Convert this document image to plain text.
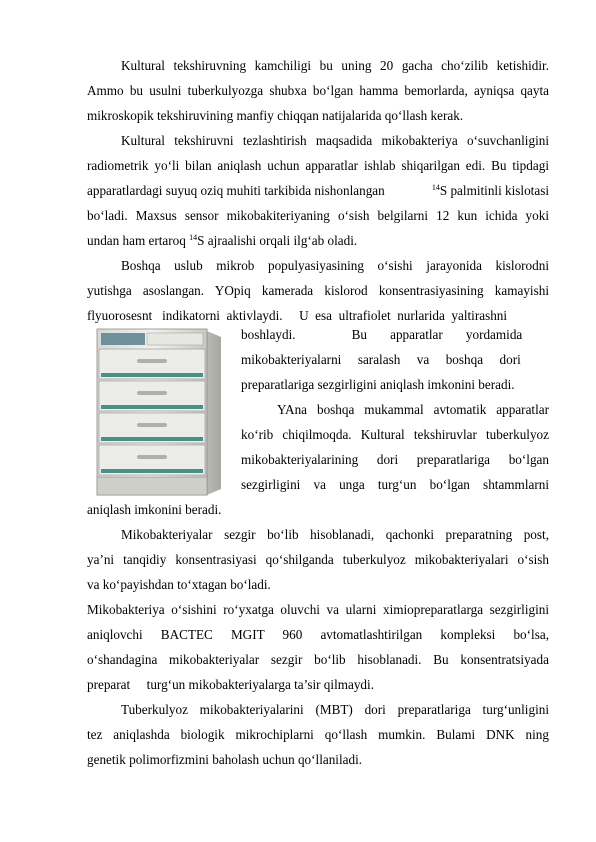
Kultural tekshiruvning kamchiligi bu uning 20 gacha cho‘zilib ketishidir.
Ammo bu usulni tuberkulyozga shubxa bo‘lgan hamma bemorlarda, ayniqsa qayta
mikroskopik tekshiruvining manfiy chiqqan natijalarida qo‘llash kerak.
Kultural tekshiruvni tezlashtirish maqsadida mikobakteriya o‘suvchanligini
radiometrik yo‘li bilan aniqlash uchun apparatlar ishlab shiqarilgan edi. Bu tipdagi
apparatlardagi suyuq oziq muhiti tarkibida nishonlangan	$^{14}$S palmitinli kislotasi
bo‘ladi. Maxsus sensor mikobakiteriyaning o‘sish belgilarni 12 kun ichida yoki
undan ham ertaroq $^{14}$S ajraalishi orqali ilg‘ab oladi.
Boshqa uslub mikrob populyasiyasining o‘sishi jarayonida kislorodni
yutishga asoslangan. YOpiq kamerada kislorod konsentrasiyasining kamayishi
flyuorosesnt   indikatorni  aktivlaydi.     U  esa  ultrafiolet  nurlarida  yaltirashni
boshlaydi.                 Bu       apparatlar       yordamida
mikobakteriyalarni     saralash     va     boshqa     dori
preparatlariga sezgirligini aniqlash imkonini beradi.
YAna boshqa mukammal avtomatik apparatlar
ko‘rib chiqilmoqda. Kultural tekshiruvlar tuberkulyoz
mikobakteriyalarining dori preparatlariga bo‘lgan
sezgirligini va unga turg‘un bo‘lgan shtammlarni
aniqlash imkonini beradi.
Mikobakteriyalar sezgir bo‘lib hisoblanadi, qachonki preparatning post,
ya’ni tanqidiy konsentrasiyasi qo‘shilganda tuberkulyoz mikobakteriyalari o‘sish
va ko‘payishdan to‘xtagan bo‘ladi.
Mikobakteriya o‘sishini ro‘yxatga oluvchi va ularni ximiopreparatlarga sezgirligini
aniqlovchi BACTEC MGIT 960 avtomatlashtirilgan kompleksi bo‘lsa,
o‘shandagina mikobakteriyalar sezgir bo‘lib hisoblanadi. Bu konsentratsiyada
preparat     turg‘un mikobakteriyalarga ta’sir qilmaydi.
Tuberkulyoz mikobakteriyalarini (MBT) dori preparatlariga turg‘unligini
tez aniqlashda biologik mikrochiplarni qo‘llash mumkin. Bulami DNK ning
genetik polimorfizmini baholash uchun qo‘llaniladi.
